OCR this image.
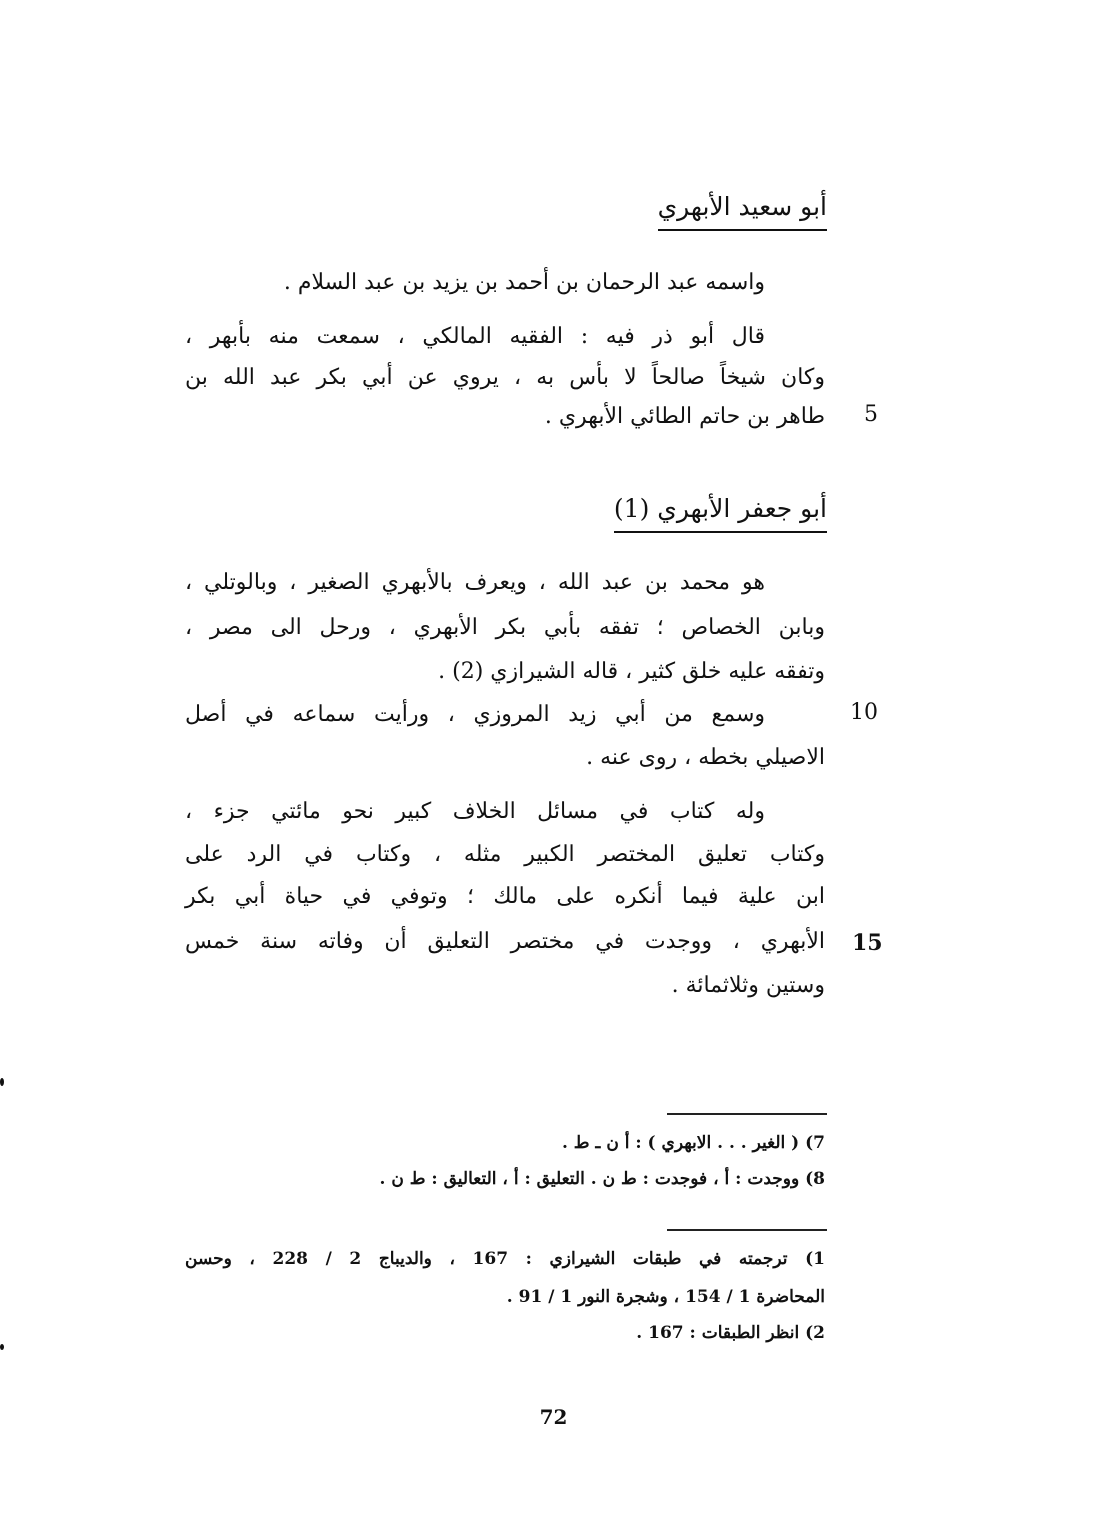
أبو سعيد الأبهري
واسمه عبد الرحمان بن أحمد بن يزيد بن عبد السلام .
قال أبو ذر فيه : الفقيه المالكي ، سمعت منه بأبهر ،
وكان شيخاً صالحاً لا بأس به ، يروي عن أبي بكر عبد الله بن
طاهر بن حاتم الطائي الأبهري . 5
أبو جعفر الأبهري (1)
هو محمد بن عبد الله ، ويعرف بالأبهري الصغير ، وبالوتلي ،
وبابن الخصاص ؛ تفقه بأبي بكر الأبهري ، ورحل الى مصر ،
وتفقه عليه خلق كثير ، قاله الشيرازي (2) .
وسمع من أبي زيد المروزي ، ورأيت سماعه في أصل	10
الاصيلي بخطه ، روى عنه .
وله كتاب في مسائل الخلاف كبير نحو مائتي جزء ،
وكتاب تعليق المختصر الكبير مثله ، وكتاب في الرد على
ابن علية فيما أنكره على مالك ؛ وتوفي في حياة أبي بكر
الأبهري ، ووجدت في مختصر التعليق أن وفاته سنة خمس 15
وستين وثلاثمائة .
7) ( الغير . . . الابهري ) : أ ن ـ ط .
8) ووجدت : أ ، فوجدت : ط ن . التعليق : أ ، التعاليق : ط ن .
1) ترجمته في طبقات الشيرازي : 167 ، والديباج 2 / 228 ، وحسن
المحاضرة 1 / 154 ، وشجرة النور 1 / 91 .
2) انظر الطبقات : 167 .
72
